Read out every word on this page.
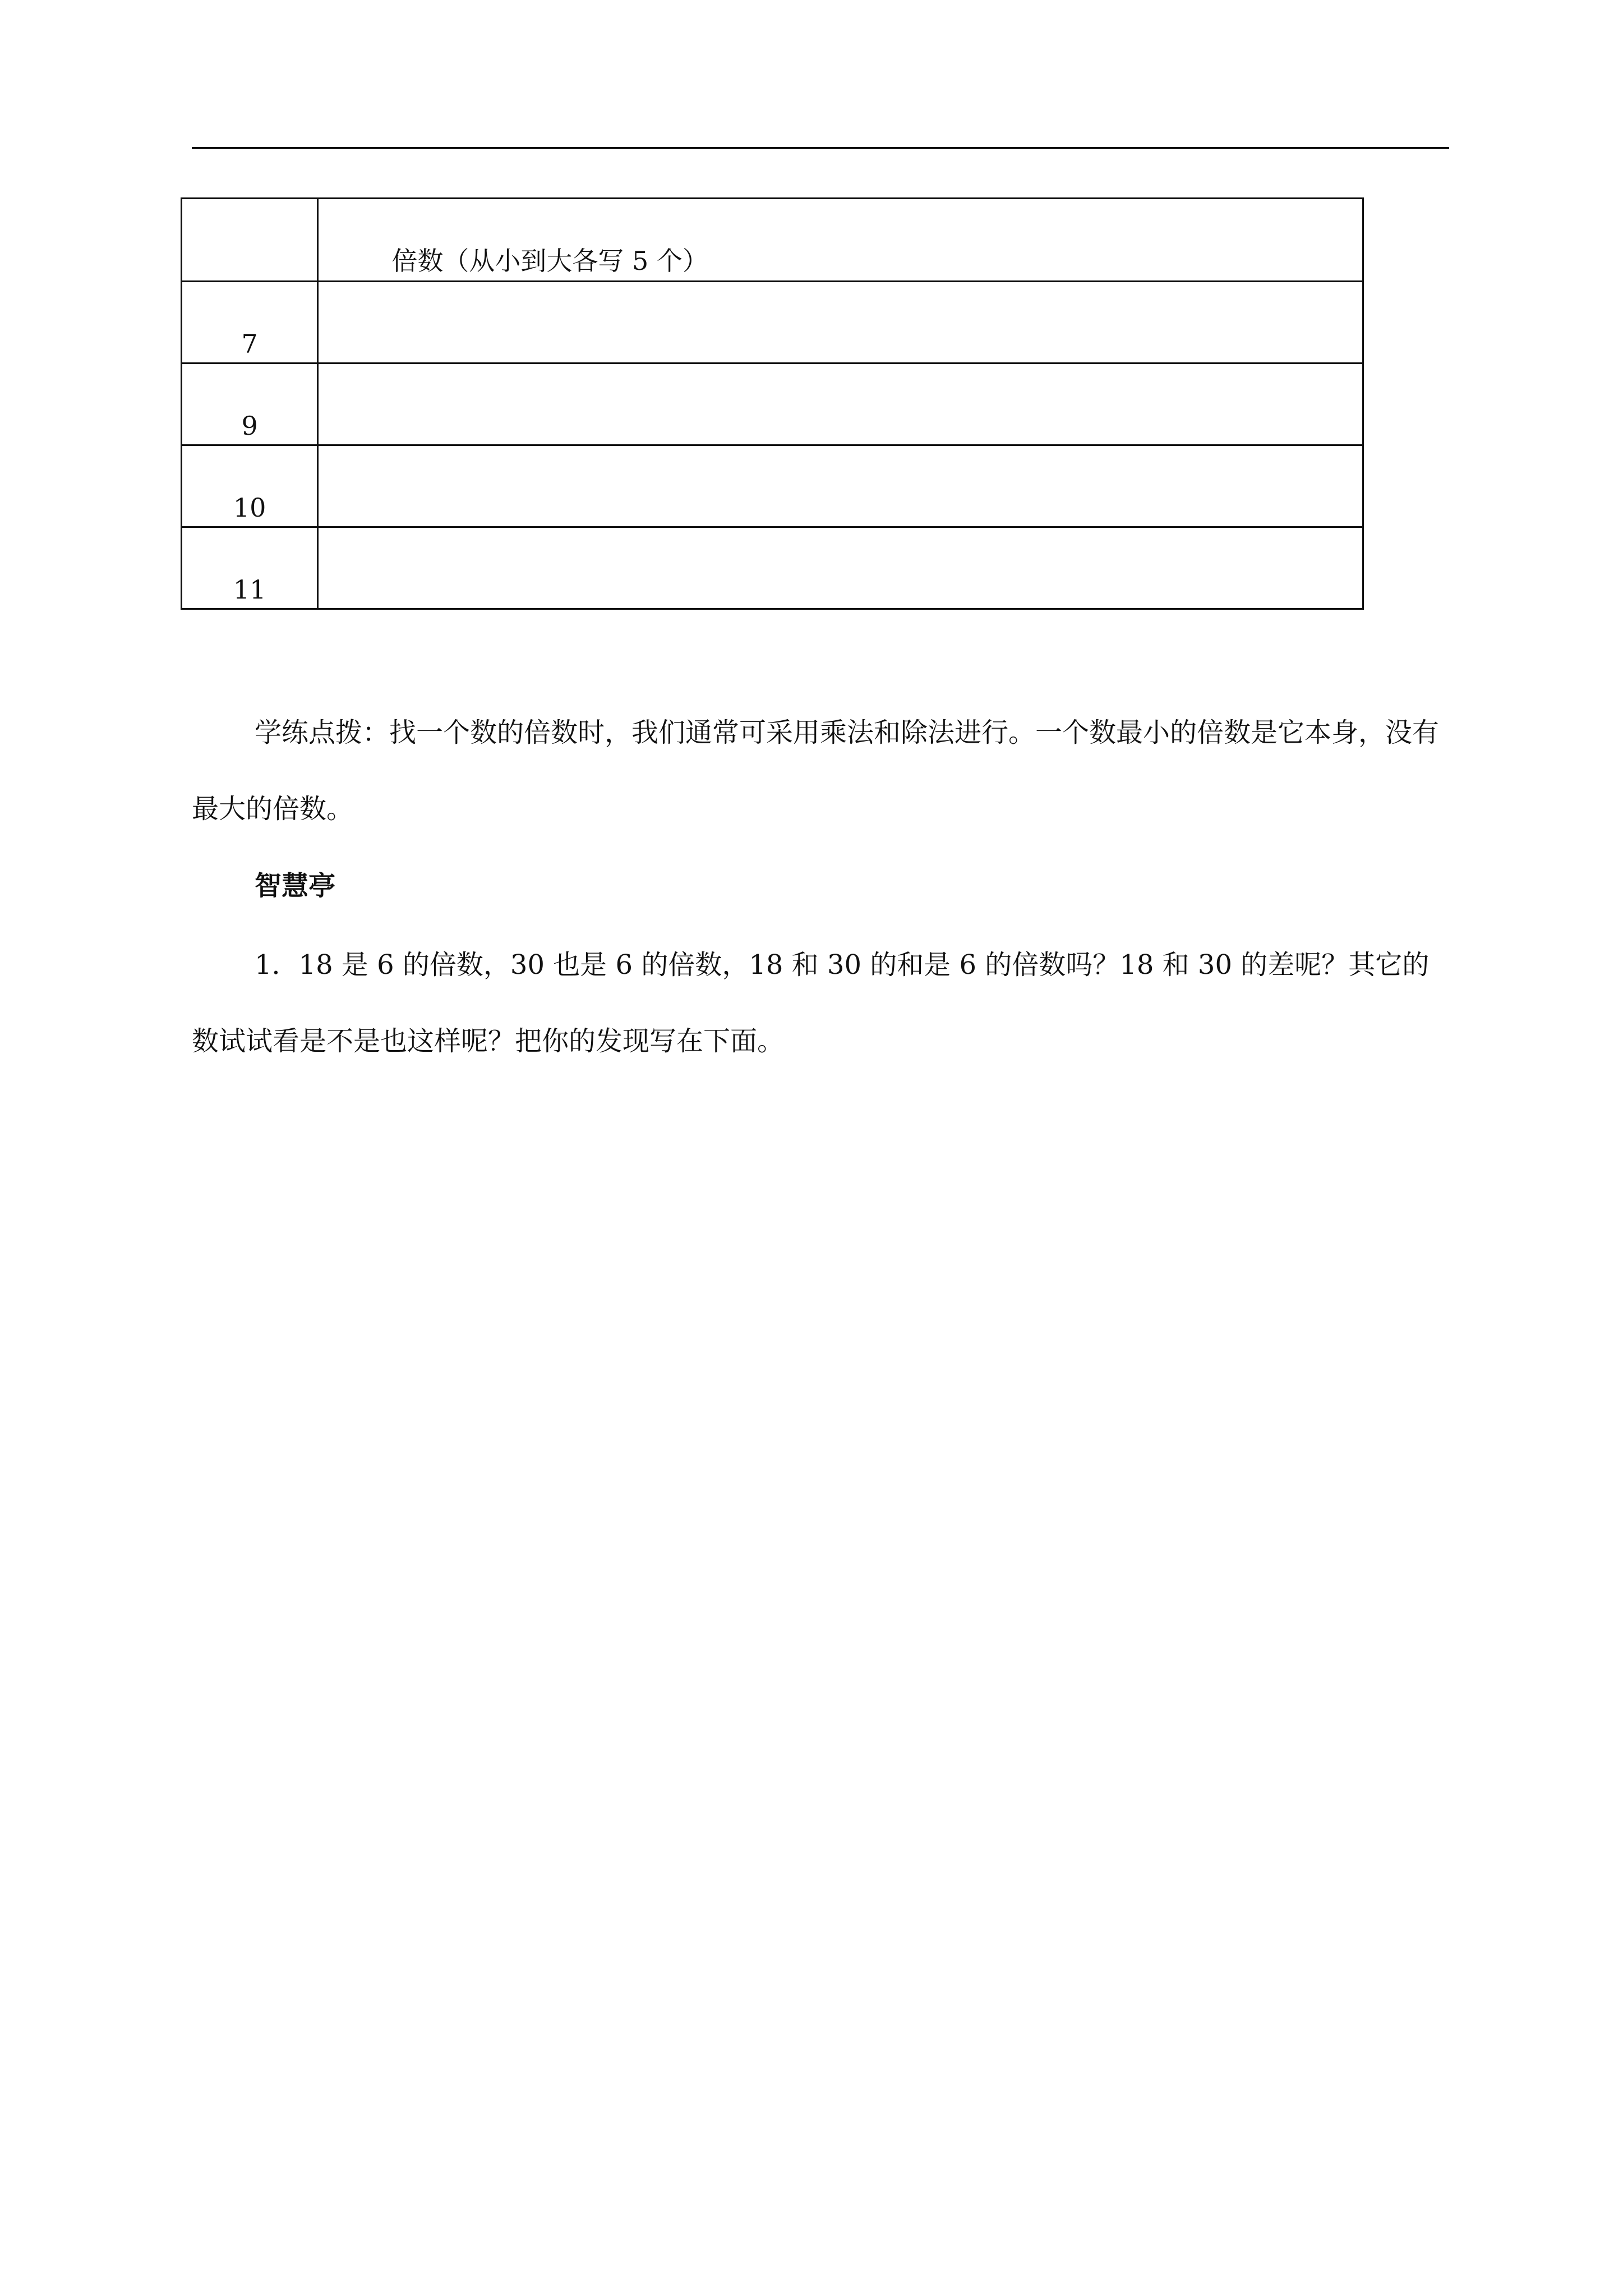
	倍数（从小到大各写 5 个）
7	
9	
10	
11	

学练点拨：找一个数的倍数时，我们通常可采用乘法和除法进行。一个数最小的倍数是它本身，没有最大的倍数。

智慧亭

1．18 是 6 的倍数，30 也是 6 的倍数，18 和 30 的和是 6 的倍数吗？18 和 30 的差呢？其它的数试试看是不是也这样呢？把你的发现写在下面。
